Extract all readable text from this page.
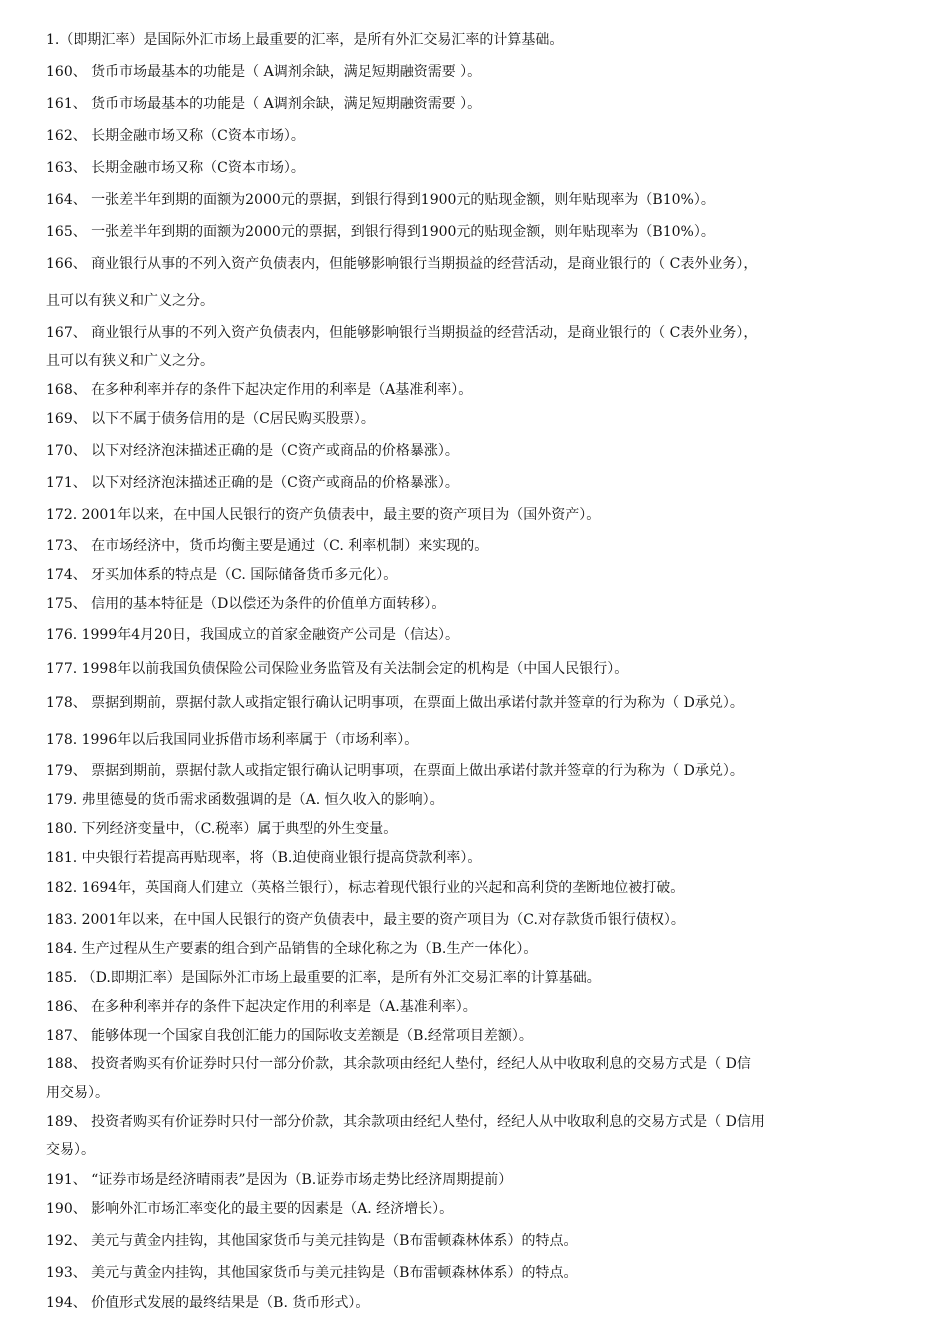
1.（即期汇率）是国际外汇市场上最重要的汇率，是所有外汇交易汇率的计算基础。
160、 货币市场最基本的功能是（ A调剂余缺，满足短期融资需要 ）。
161、 货币市场最基本的功能是（ A调剂余缺，满足短期融资需要 ）。
162、 长期金融市场又称（C资本市场）。
163、 长期金融市场又称（C资本市场）。
164、 一张差半年到期的面额为2000元的票据，到银行得到1900元的贴现金额，则年贴现率为（B10%）。
165、 一张差半年到期的面额为2000元的票据，到银行得到1900元的贴现金额，则年贴现率为（B10%）。
166、 商业银行从事的不列入资产负债表内，但能够影响银行当期损益的经营活动，是商业银行的（ C表外业务），
且可以有狭义和广义之分。
167、 商业银行从事的不列入资产负债表内，但能够影响银行当期损益的经营活动，是商业银行的（ C表外业务），
且可以有狭义和广义之分。
168、 在多种利率并存的条件下起决定作用的利率是（A基准利率）。
169、 以下不属于债务信用的是（C居民购买股票）。
170、 以下对经济泡沫描述正确的是（C资产或商品的价格暴涨）。
171、 以下对经济泡沫描述正确的是（C资产或商品的价格暴涨）。
172. 2001年以来，在中国人民银行的资产负债表中，最主要的资产项目为（国外资产）。
173、 在市场经济中，货币均衡主要是通过（C. 利率机制）来实现的。
174、 牙买加体系的特点是（C. 国际储备货币多元化）。
175、 信用的基本特征是（D以偿还为条件的价值单方面转移）。
176. 1999年4月20日，我国成立的首家金融资产公司是（信达）。
177. 1998年以前我国负债保险公司保险业务监管及有关法制会定的机构是（中国人民银行）。
178、 票据到期前，票据付款人或指定银行确认记明事项，在票面上做出承诺付款并签章的行为称为（ D承兑）。
178. 1996年以后我国同业拆借市场利率属于（市场利率）。
179、 票据到期前，票据付款人或指定银行确认记明事项，在票面上做出承诺付款并签章的行为称为（ D承兑）。
179. 弗里德曼的货币需求函数强调的是（A. 恒久收入的影响）。
180. 下列经济变量中，（C.税率）属于典型的外生变量。
181. 中央银行若提高再贴现率，将（B.迫使商业银行提高贷款利率）。
182. 1694年，英国商人们建立（英格兰银行），标志着现代银行业的兴起和高利贷的垄断地位被打破。
183. 2001年以来，在中国人民银行的资产负债表中，最主要的资产项目为（C.对存款货币银行债权）。
184. 生产过程从生产要素的组合到产品销售的全球化称之为（B.生产一体化）。
185. （D.即期汇率）是国际外汇市场上最重要的汇率，是所有外汇交易汇率的计算基础。
186、 在多种利率并存的条件下起决定作用的利率是（A.基准利率）。
187、 能够体现一个国家自我创汇能力的国际收支差额是（B.经常项目差额）。
188、 投资者购买有价证券时只付一部分价款，其余款项由经纪人垫付，经纪人从中收取利息的交易方式是（ D信
用交易）。
189、 投资者购买有价证券时只付一部分价款，其余款项由经纪人垫付，经纪人从中收取利息的交易方式是（ D信用
交易）。
191、 “证券市场是经济晴雨表”是因为（B.证券市场走势比经济周期提前）
190、 影响外汇市场汇率变化的最主要的因素是（A. 经济增长）。
192、 美元与黄金内挂钩，其他国家货币与美元挂钩是（B布雷顿森林体系）的特点。
193、 美元与黄金内挂钩，其他国家货币与美元挂钩是（B布雷顿森林体系）的特点。
194、 价值形式发展的最终结果是（B. 货币形式）。
